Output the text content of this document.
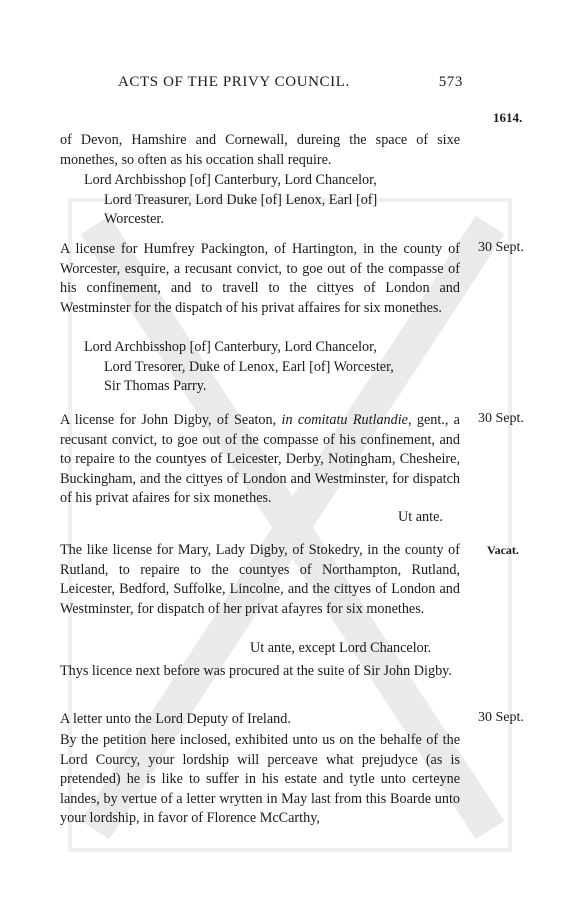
ACTS OF THE PRIVY COUNCIL.	573
1614.

of Devon, Hamshire and Cornewall, dureing the space of sixe monethes, so often as his occation shall require.

Lord Archbisshop [of] Canterbury, Lord Chancelor,
Lord Treasurer, Lord Duke [of] Lenox, Earl [of]
Worcester.
30 Sept.

A license for Humfrey Packington, of Hartington, in the county of Worcester, esquire, a recusant convict, to goe out of the compasse of his confinement, and to travell to the cittyes of London and Westminster for the dispatch of his privat affaires for six monethes.

Lord Archbisshop [of] Canterbury, Lord Chancelor,
Lord Tresorer, Duke of Lenox, Earl [of] Worcester,
Sir Thomas Parry.
30 Sept.

A license for John Digby, of Seaton, in comitatu Rutlandie, gent., a recusant convict, to goe out of the compasse of his confinement, and to repaire to the countyes of Leicester, Derby, Notingham, Chesheire, Buckingham, and the cittyes of London and Westminster, for dispatch of his privat afaires for six monethes.

Ut ante.
Vacat.

The like license for Mary, Lady Digby, of Stokedry, in the county of Rutland, to repaire to the countyes of Northampton, Rutland, Leicester, Bedford, Suffolke, Lincolne, and the cittyes of London and Westminster, for dispatch of her privat afayres for six monethes.

Ut ante, except Lord Chancelor.

Thys licence next before was procured at the suite of Sir John Digby.

30 Sept.

A letter unto the Lord Deputy of Ireland.

By the petition here inclosed, exhibited unto us on the behalfe of the Lord Courcy, your lordship will perceave what prejudyce (as is pretended) he is like to suffer in his estate and tytle unto certeyne landes, by vertue of a letter wrytten in May last from this Boarde unto your lordship, in favor of Florence McCarthy,
